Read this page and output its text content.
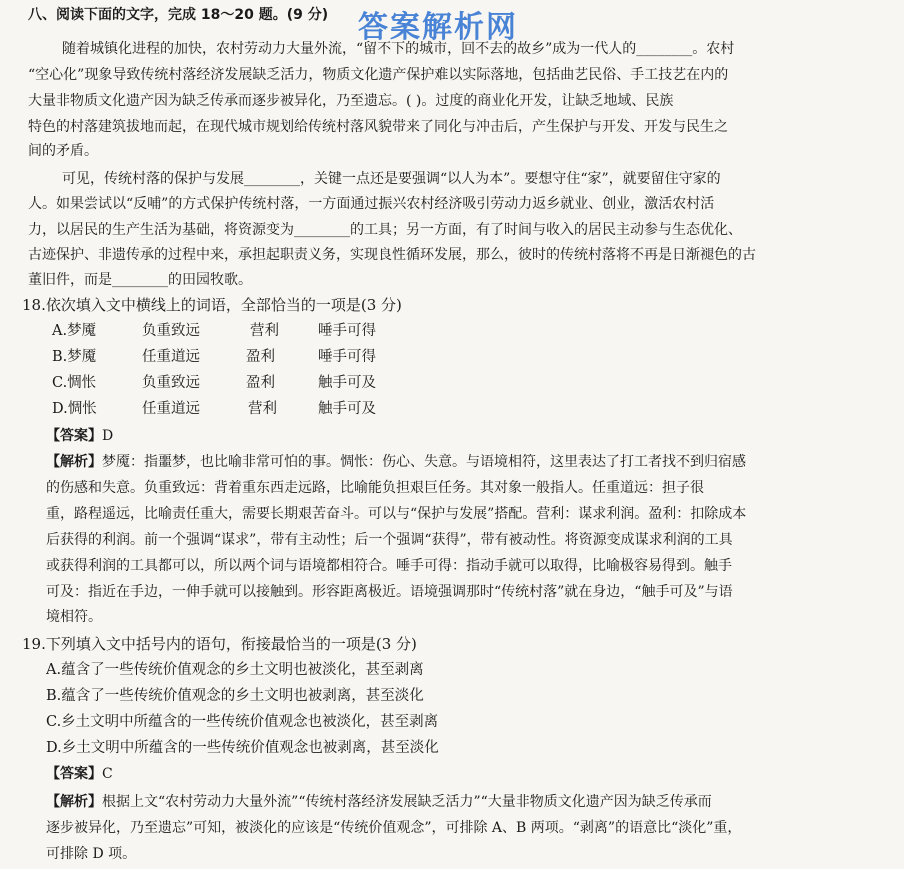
答案解析网
八、阅读下面的文字，完成 18～20 题。(9 分)
随着城镇化进程的加快，农村劳动力大量外流，“留不下的城市，回不去的故乡”成为一代人的________。农村
“空心化”现象导致传统村落经济发展缺乏活力，物质文化遗产保护难以实际落地，包括曲艺民俗、手工技艺在内的
大量非物质文化遗产因为缺乏传承而逐步被异化，乃至遗忘。( )。过度的商业化开发，让缺乏地域、民族
特色的村落建筑拔地而起，在现代城市规划给传统村落风貌带来了同化与冲击后，产生保护与开发、开发与民生之
间的矛盾。
可见，传统村落的保护与发展________，关键一点还是要强调“以人为本”。要想守住“家”，就要留住守家的
人。如果尝试以“反哺”的方式保护传统村落，一方面通过振兴农村经济吸引劳动力返乡就业、创业，激活农村活
力，以居民的生产生活为基础，将资源变为________的工具；另一方面，有了时间与收入的居民主动参与生态优化、
古迹保护、非遗传承的过程中来，承担起职责义务，实现良性循环发展，那么，彼时的传统村落将不再是日渐褪色的古
董旧件，而是________的田园牧歌。
18.依次填入文中横线上的词语，全部恰当的一项是(3 分)
A.梦魇	负重致远	营利	唾手可得
B.梦魇	任重道远	盈利	唾手可得
C.惆怅	负重致远	盈利	触手可及
D.惆怅	任重道远	营利	触手可及
【答案】D
【解析】梦魇：指噩梦，也比喻非常可怕的事。惆怅：伤心、失意。与语境相符，这里表达了打工者找不到归宿感
的伤感和失意。负重致远：背着重东西走远路，比喻能负担艰巨任务。其对象一般指人。任重道远：担子很
重，路程遥远，比喻责任重大，需要长期艰苦奋斗。可以与“保护与发展”搭配。营利：谋求利润。盈利：扣除成本
后获得的利润。前一个强调“谋求”，带有主动性；后一个强调“获得”，带有被动性。将资源变成谋求利润的工具
或获得利润的工具都可以，所以两个词与语境都相符合。唾手可得：指动手就可以取得，比喻极容易得到。触手
可及：指近在手边，一伸手就可以接触到。形容距离极近。语境强调那时“传统村落”就在身边，“触手可及”与语
境相符。
19.下列填入文中括号内的语句，衔接最恰当的一项是(3 分)
A.蕴含了一些传统价值观念的乡土文明也被淡化，甚至剥离
B.蕴含了一些传统价值观念的乡土文明也被剥离，甚至淡化
C.乡土文明中所蕴含的一些传统价值观念也被淡化，甚至剥离
D.乡土文明中所蕴含的一些传统价值观念也被剥离，甚至淡化
【答案】C
【解析】根据上文“农村劳动力大量外流”“传统村落经济发展缺乏活力”“大量非物质文化遗产因为缺乏传承而
逐步被异化，乃至遗忘”可知，被淡化的应该是“传统价值观念”，可排除 A、B 两项。“剥离”的语意比“淡化”重，
可排除 D 项。
